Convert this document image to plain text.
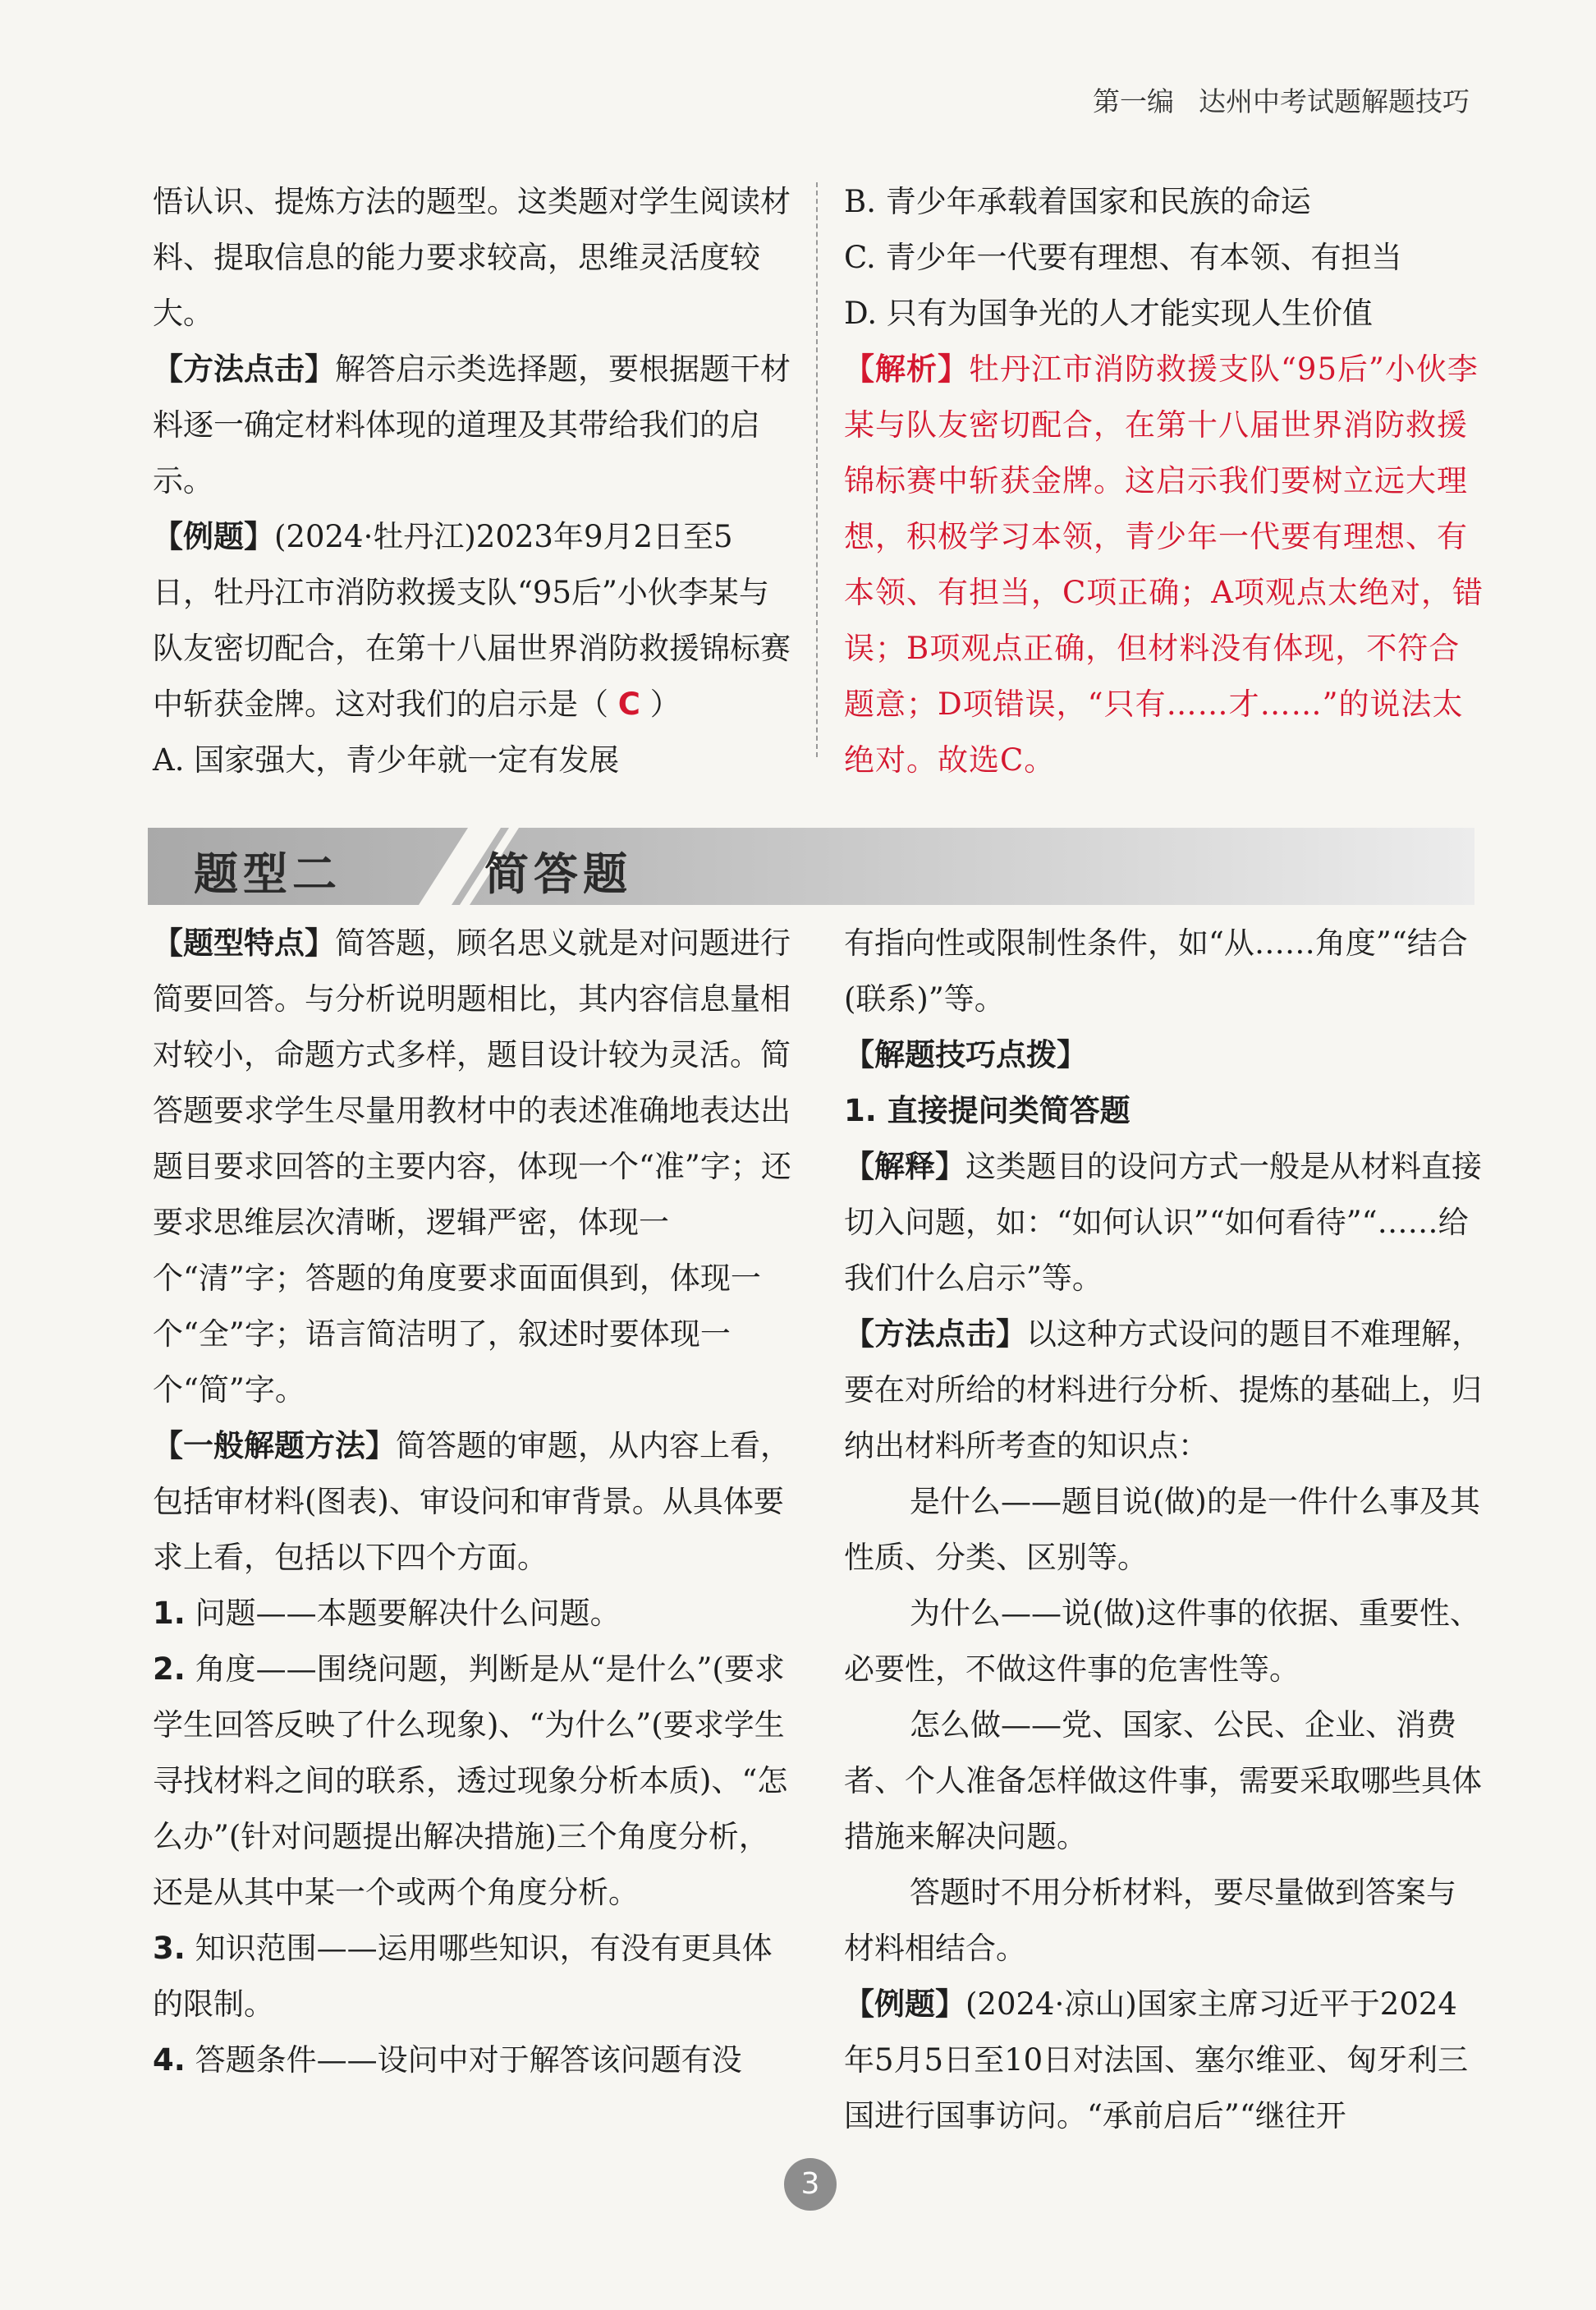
第一编 达州中考试题解题技巧

悟认识、提炼方法的题型。这类题对学生阅读材料、提取信息的能力要求较高，思维灵活度较大。

【方法点击】解答启示类选择题，要根据题干材料逐一确定材料体现的道理及其带给我们的启示。

【例题】(2024·牡丹江)2023年9月2日至5日，牡丹江市消防救援支队“95后”小伙李某与队友密切配合，在第十八届世界消防救援锦标赛中斩获金牌。这对我们的启示是（ C ）

A. 国家强大，青少年就一定有发展

B. 青少年承载着国家和民族的命运

C. 青少年一代要有理想、有本领、有担当

D. 只有为国争光的人才能实现人生价值

【解析】牡丹江市消防救援支队“95后”小伙李某与队友密切配合，在第十八届世界消防救援锦标赛中斩获金牌。这启示我们要树立远大理想，积极学习本领，青少年一代要有理想、有本领、有担当，C项正确；A项观点太绝对，错误；B项观点正确，但材料没有体现，不符合题意；D项错误，“只有……才……”的说法太绝对。故选C。

题型二	简答题

【题型特点】简答题，顾名思义就是对问题进行简要回答。与分析说明题相比，其内容信息量相对较小，命题方式多样，题目设计较为灵活。简答题要求学生尽量用教材中的表述准确地表达出题目要求回答的主要内容，体现一个“准”字；还要求思维层次清晰，逻辑严密，体现一个“清”字；答题的角度要求面面俱到，体现一个“全”字；语言简洁明了，叙述时要体现一个“简”字。

【一般解题方法】简答题的审题，从内容上看，包括审材料(图表)、审设问和审背景。从具体要求上看，包括以下四个方面。

1. 问题——本题要解决什么问题。

2. 角度——围绕问题，判断是从“是什么”(要求学生回答反映了什么现象)、“为什么”(要求学生寻找材料之间的联系，透过现象分析本质)、“怎么办”(针对问题提出解决措施)三个角度分析，还是从其中某一个或两个角度分析。

3. 知识范围——运用哪些知识，有没有更具体的限制。

4. 答题条件——设问中对于解答该问题有没

有指向性或限制性条件，如“从……角度”“结合(联系)”等。

【解题技巧点拨】

1. 直接提问类简答题

【解释】这类题目的设问方式一般是从材料直接切入问题，如：“如何认识”“如何看待”“……给我们什么启示”等。

【方法点击】以这种方式设问的题目不难理解，要在对所给的材料进行分析、提炼的基础上，归纳出材料所考查的知识点：

是什么——题目说(做)的是一件什么事及其性质、分类、区别等。

为什么——说(做)这件事的依据、重要性、必要性，不做这件事的危害性等。

怎么做——党、国家、公民、企业、消费者、个人准备怎样做这件事，需要采取哪些具体措施来解决问题。

答题时不用分析材料，要尽量做到答案与材料相结合。

【例题】(2024·凉山)国家主席习近平于2024年5月5日至10日对法国、塞尔维亚、匈牙利三国进行国事访问。“承前启后”“继往开

3
